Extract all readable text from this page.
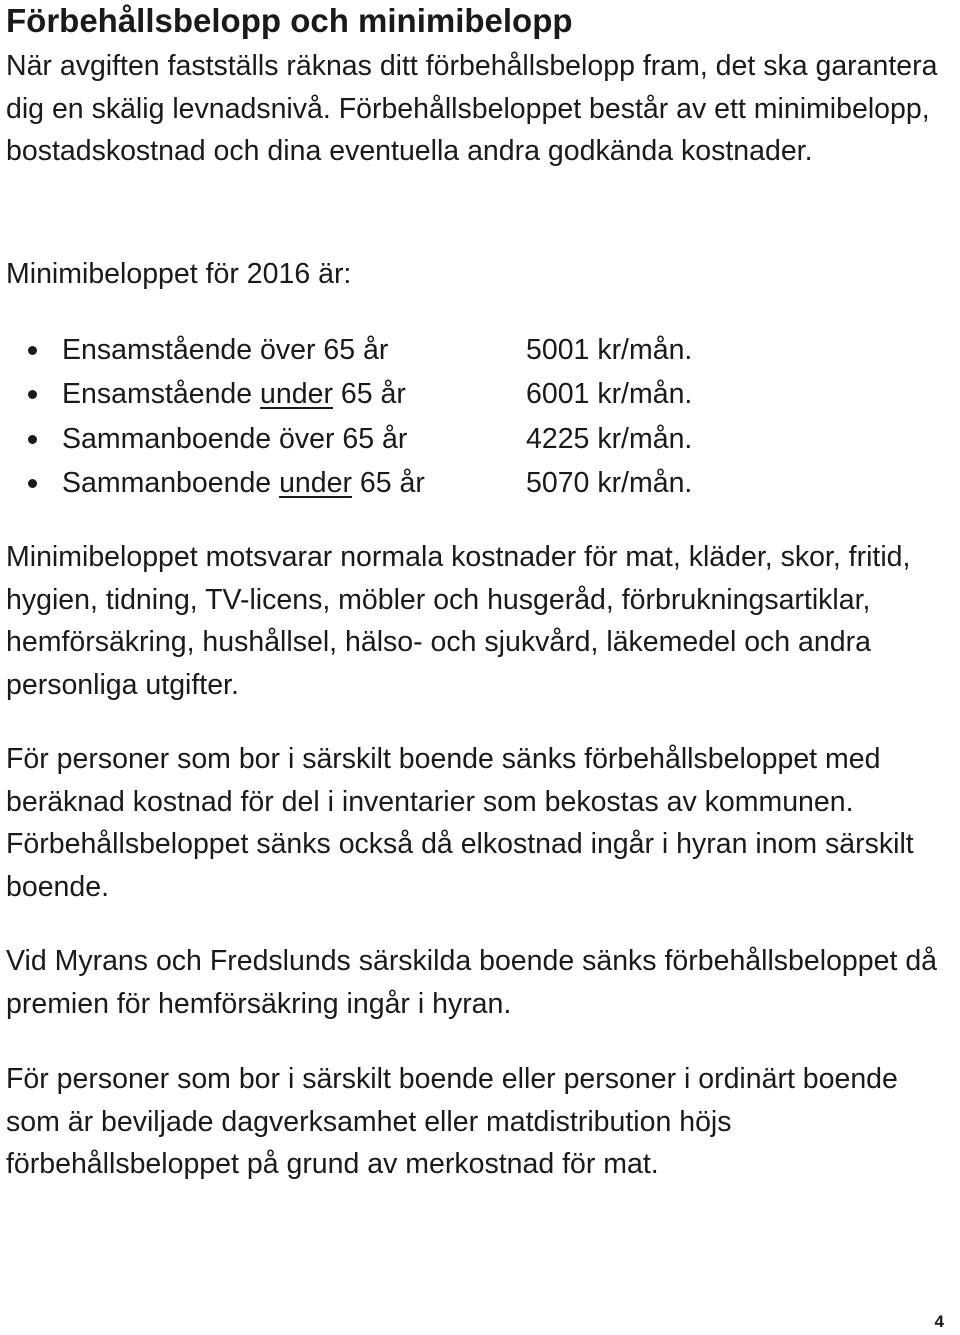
Förbehållsbelopp och minimibelopp

När avgiften fastställs räknas ditt förbehållsbelopp fram, det ska garantera dig en skälig levnadsnivå. Förbehållsbeloppet består av ett minimibelopp, bostadskostnad och dina eventuella andra godkända kostnader.

Minimibeloppet för 2016 är:

Ensamstående över 65 år	5001 kr/mån.
Ensamstående under 65 år	6001 kr/mån.
Sammanboende över 65 år	4225 kr/mån.
Sammanboende under 65 år	5070 kr/mån.

Minimibeloppet motsvarar normala kostnader för mat, kläder, skor, fritid, hygien, tidning, TV-licens, möbler och husgeråd, förbrukningsartiklar, hemförsäkring, hushållsel, hälso- och sjukvård, läkemedel och andra personliga utgifter.

För personer som bor i särskilt boende sänks förbehållsbeloppet med beräknad kostnad för del i inventarier som bekostas av kommunen. Förbehållsbeloppet sänks också då elkostnad ingår i hyran inom särskilt boende.

Vid Myrans och Fredslunds särskilda boende sänks förbehållsbeloppet då premien för hemförsäkring ingår i hyran.

För personer som bor i särskilt boende eller personer i ordinärt boende som är beviljade dagverksamhet eller matdistribution höjs förbehållsbeloppet på grund av merkostnad för mat.

4
